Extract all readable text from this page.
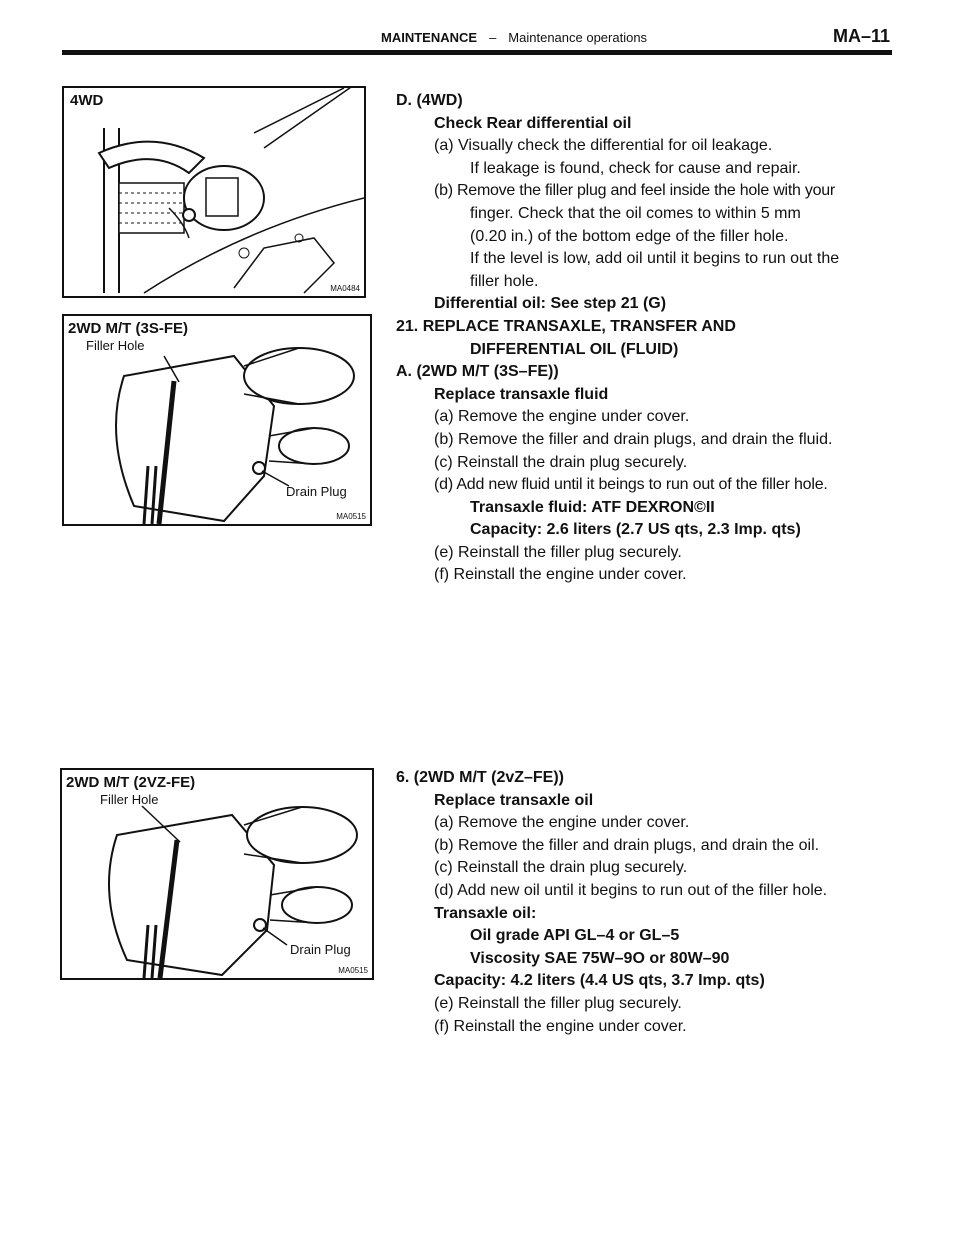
MAINTENANCE – Maintenance operations	MA–11
4WD
MA0484
2WD M/T (3S-FE)
Filler Hole
Drain Plug
MA0515
D. (4WD)
Check Rear differential oil
(a) Visually check the differential for oil leakage.
If leakage is found, check for cause and repair.
(b) Remove the filler plug and feel inside the hole with your
finger. Check that the oil comes to within 5 mm
(0.20 in.) of the bottom edge of the filler hole.
If the level is low, add oil until it begins to run out the
filler hole.
Differential oil: See step 21 (G)
21. REPLACE TRANSAXLE, TRANSFER AND
DIFFERENTIAL OIL (FLUID)
A. (2WD M/T (3S–FE))
Replace transaxle fluid
(a) Remove the engine under cover.
(b) Remove the filler and drain plugs, and drain the fluid.
(c) Reinstall the drain plug securely.
(d) Add new fluid until it beings to run out of the filler hole.
Transaxle fluid: ATF DEXRON©II
Capacity: 2.6 liters (2.7 US qts, 2.3 Imp. qts)
(e) Reinstall the filler plug securely.
(f) Reinstall the engine under cover.
2WD M/T (2VZ-FE)
Filler Hole
Drain Plug
MA0515
6. (2WD M/T (2vZ–FE))
Replace transaxle oil
(a) Remove the engine under cover.
(b) Remove the filler and drain plugs, and drain the oil.
(c) Reinstall the drain plug securely.
(d) Add new oil until it begins to run out of the filler hole.
Transaxle oil:
Oil grade API GL–4 or GL–5
Viscosity SAE 75W–9O or 80W–90
Capacity: 4.2 liters (4.4 US qts, 3.7 Imp. qts)
(e) Reinstall the filler plug securely.
(f) Reinstall the engine under cover.
